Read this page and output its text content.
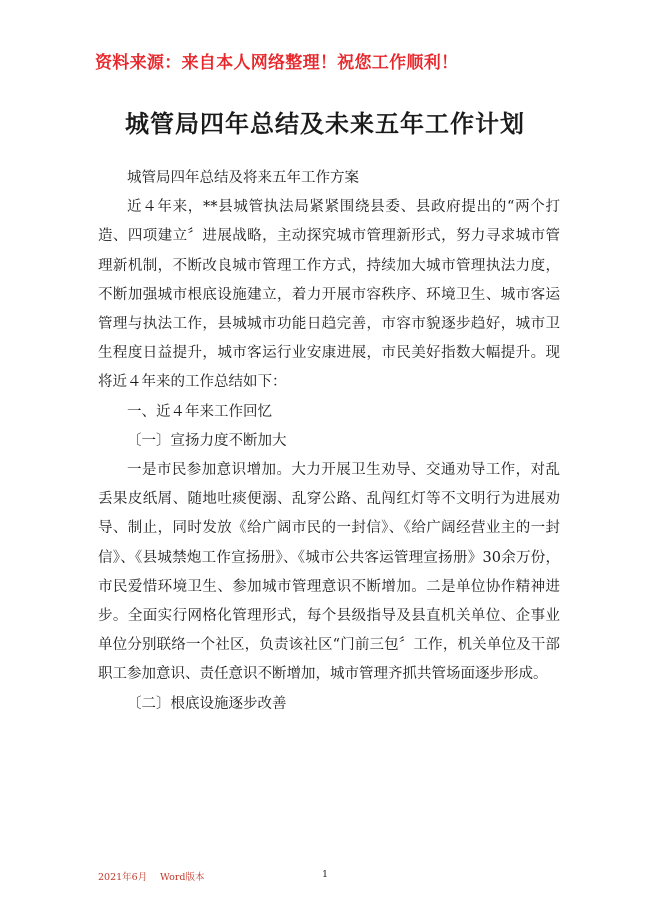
资料来源：来自本人网络整理！祝您工作顺利！
城管局四年总结及未来五年工作计划

城管局四年总结及将来五年工作方案

近４年来，**县城管执法局紧紧围绕县委、县政府提出的“两个打造、四项建立〞进展战略，主动探究城市管理新形式，努力寻求城市管理新机制，不断改良城市管理工作方式，持续加大城市管理执法力度，不断加强城市根底设施建立，着力开展市容秩序、环境卫生、城市客运管理与执法工作，县城城市功能日趋完善，市容市貌逐步趋好，城市卫生程度日益提升，城市客运行业安康进展，市民美好指数大幅提升。现将近４年来的工作总结如下：

一、近４年来工作回忆

〔一〕宣扬力度不断加大

一是市民参加意识增加。大力开展卫生劝导、交通劝导工作，对乱丢果皮纸屑、随地吐痰便溺、乱穿公路、乱闯红灯等不文明行为进展劝导、制止，同时发放《给广阔市民的一封信》、《给广阔经营业主的一封信》、《县城禁炮工作宣扬册》、《城市公共客运管理宣扬册》30余万份，市民爱惜环境卫生、参加城市管理意识不断增加。二是单位协作精神进步。全面实行网格化管理形式，每个县级指导及县直机关单位、企事业单位分别联络一个社区，负责该社区“门前三包〞工作，机关单位及干部职工参加意识、责任意识不断增加，城市管理齐抓共管场面逐步形成。

〔二〕根底设施逐步改善

2021年6月 Word版本	1
